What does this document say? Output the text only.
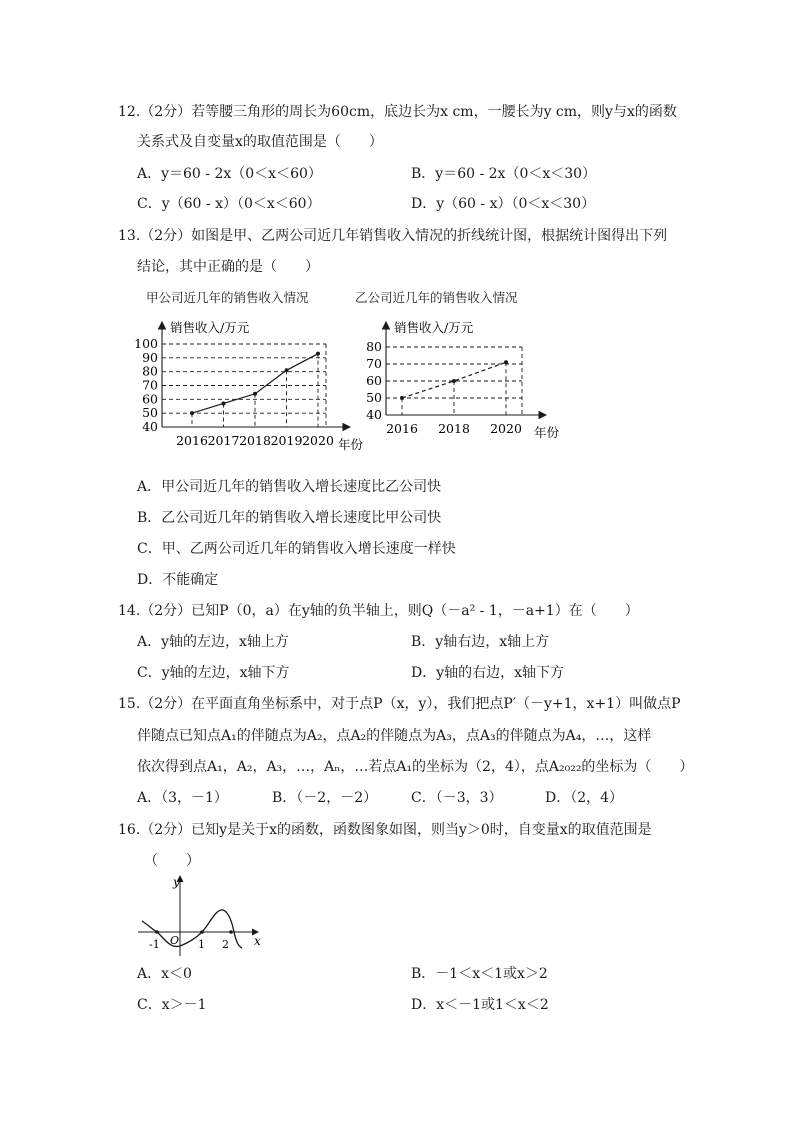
12.（2分）若等腰三角形的周长为60cm，底边长为x cm，一腰长为y cm，则y与x的函数
关系式及自变量x的取值范围是（　　）
A．y＝60 - 2x（0＜x＜60）	B．y＝60 - 2x（0＜x＜30）
C．y（60 - x）（0＜x＜60）	D．y（60 - x）（0＜x＜30）
13.（2分）如图是甲、乙两公司近几年销售收入情况的折线统计图，根据统计图得出下列
结论，其中正确的是（　　）
甲公司近几年的销售收入情况	乙公司近几年的销售收入情况
40
50
60
70
80
90
100
2016 2017 2018 2019 2020
销售收入/万元
年份
40
50
60
70
80
2016 2018 2020
销售收入/万元
年份
A．甲公司近几年的销售收入增长速度比乙公司快
B．乙公司近几年的销售收入增长速度比甲公司快
C．甲、乙两公司近几年的销售收入增长速度一样快
D．不能确定
14.（2分）已知P（0，a）在y轴的负半轴上，则Q（－a² - 1，－a+1）在（　　）
A．y轴的左边，x轴上方	B．y轴右边，x轴上方
C．y轴的左边，x轴下方	D．y轴的右边，x轴下方
15.（2分）在平面直角坐标系中，对于点P（x，y），我们把点P′（－y+1，x+1）叫做点P
伴随点已知点A₁的伴随点为A₂，点A₂的伴随点为A₃，点A₃的伴随点为A₄，…，这样
依次得到点A₁，A₂，A₃，…，Aₙ，…若点A₁的坐标为（2，4），点A₂₀₂₂的坐标为（　　）
A．（3，－1）	B．（－2，－2） C．（－3，3）	D．（2，4）
16.（2分）已知y是关于x的函数，函数图象如图，则当y＞0时，自变量x的取值范围是
（　　）
y
x
O
-1	1 2
A．x＜0	B．－1＜x＜1或x＞2
C．x＞－1	D．x＜－1或1＜x＜2
